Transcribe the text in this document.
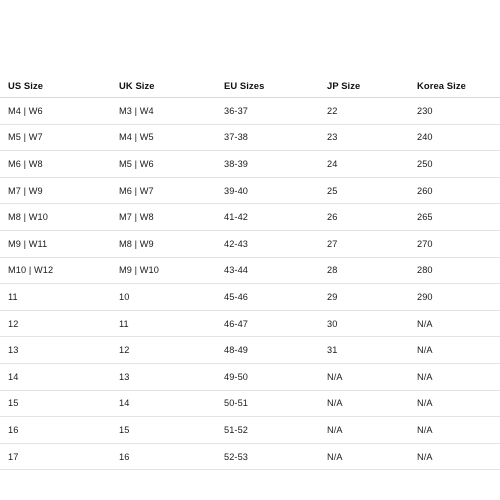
US Size	UK Size	EU Sizes	JP Size	Korea Size
M4 | W6	M3 | W4	36-37	22	230
M5 | W7	M4 | W5	37-38	23	240
M6 | W8	M5 | W6	38-39	24	250
M7 | W9	M6 | W7	39-40	25	260
M8 | W10	M7 | W8	41-42	26	265
M9 | W11	M8 | W9	42-43	27	270
M10 | W12	M9 | W10	43-44	28	280
11	10	45-46	29	290
12	11	46-47	30	N/A
13	12	48-49	31	N/A
14	13	49-50	N/A	N/A
15	14	50-51	N/A	N/A
16	15	51-52	N/A	N/A
17	16	52-53	N/A	N/A
